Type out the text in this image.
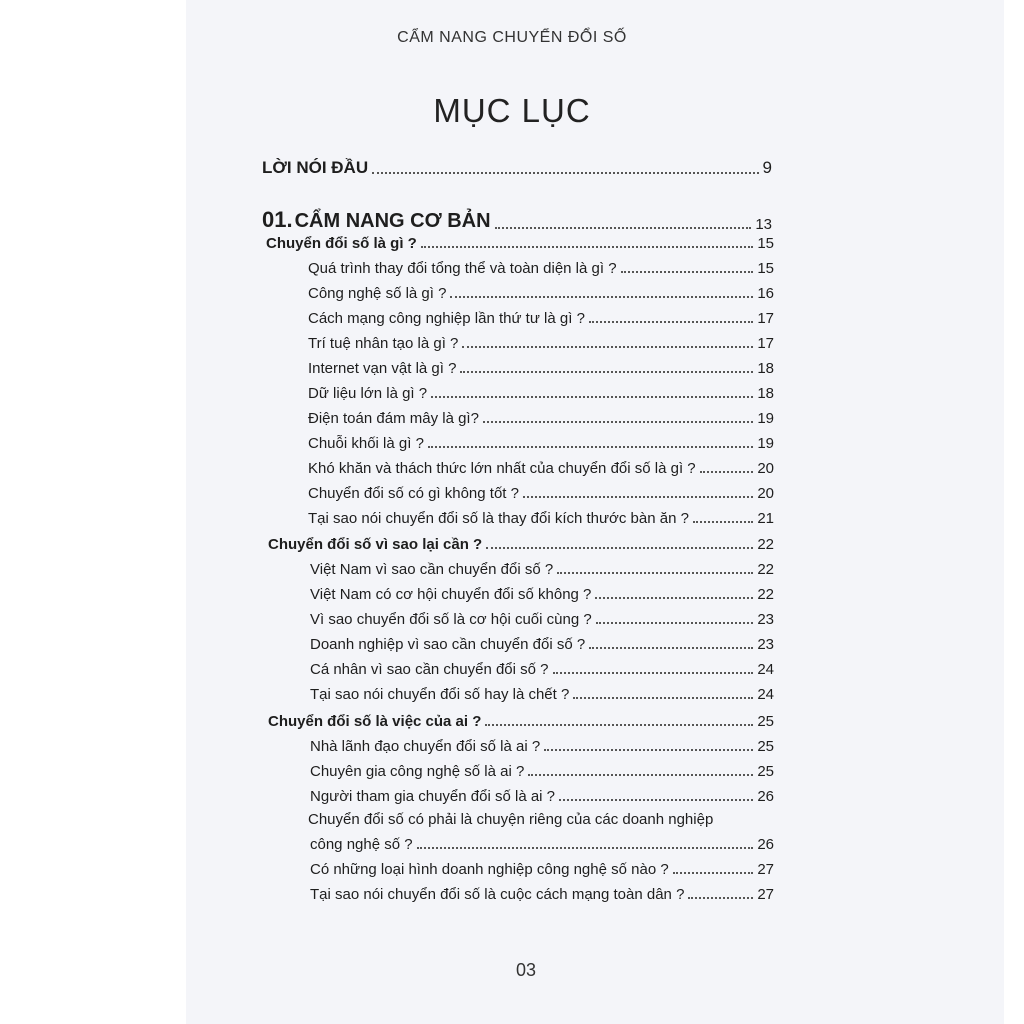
CẨM NANG CHUYỂN ĐỔI SỐ
MỤC LỤC
LỜI NÓI ĐẦU	9
01. CẨM NANG CƠ BẢN	13
Chuyển đổi số là gì ?	15
Quá trình thay đổi tổng thể và toàn diện là gì ?	15
Công nghệ số là gì ?	16
Cách mạng công nghiệp lần thứ tư là gì ?	17
Trí tuệ nhân tạo là gì ?	17
Internet vạn vật là gì ?	18
Dữ liệu lớn là gì ?	18
Điện toán đám mây là gì?	19
Chuỗi khối là gì ?	19
Khó khăn và thách thức lớn nhất của chuyển đổi số là gì ?	20
Chuyển đổi số có gì không tốt ?	20
Tại sao nói chuyển đổi số là thay đổi kích thước bàn ăn ?	21
Chuyển đổi số vì sao lại cần ?	22
Việt Nam vì sao cần chuyển đổi số ?	22
Việt Nam có cơ hội chuyển đổi số không ?	22
Vì sao chuyển đổi số là cơ hội cuối cùng ?	23
Doanh nghiệp vì sao cần chuyển đổi số ?	23
Cá nhân vì sao cần chuyển đổi số ?	24
Tại sao nói chuyển đổi số hay là chết ?	24
Chuyển đổi số là việc của ai ?	25
Nhà lãnh đạo chuyển đổi số là ai ?	25
Chuyên gia công nghệ số là ai ?	25
Người tham gia chuyển đổi số là ai ?	26
Chuyển đổi số có phải là chuyện riêng của các doanh nghiệp
công nghệ số ?	26
Có những loại hình doanh nghiệp công nghệ số nào ?	27
Tại sao nói chuyển đổi số là cuộc cách mạng toàn dân ?	27
03
